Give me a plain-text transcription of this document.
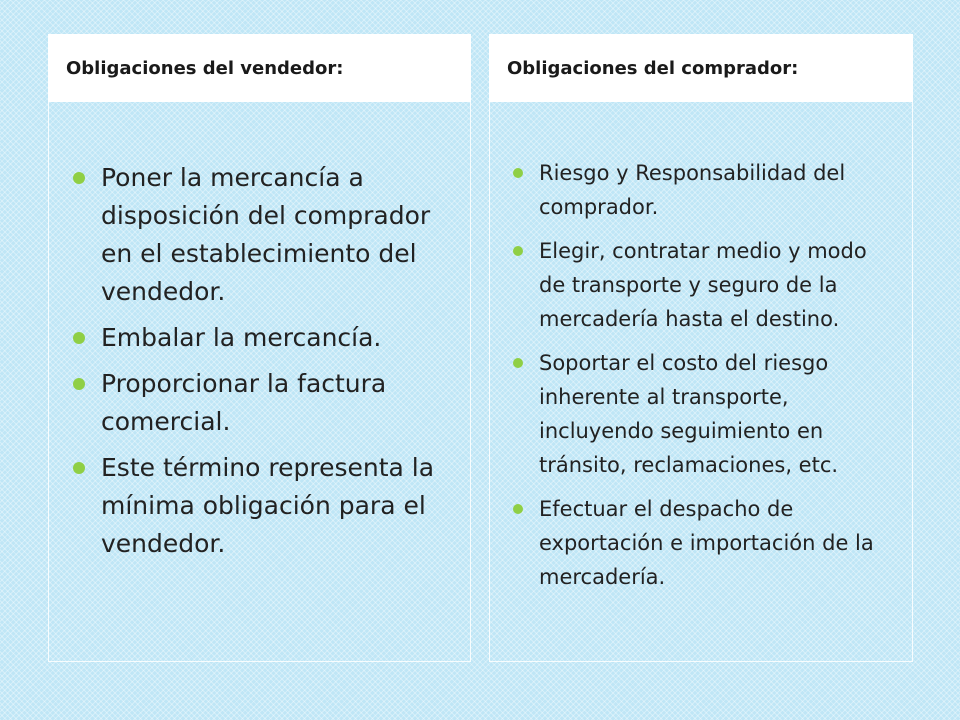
Obligaciones del vendedor:
Poner la mercancía a disposición del comprador en el establecimiento del vendedor.
Embalar la mercancía.
Proporcionar la factura comercial.
Este término representa la mínima obligación para el vendedor.
Obligaciones del comprador:
Riesgo y Responsabilidad del comprador.
Elegir, contratar medio y modo de transporte y seguro de la mercadería hasta el destino.
Soportar el costo del riesgo inherente al transporte, incluyendo seguimiento en tránsito, reclamaciones, etc.
Efectuar el despacho de exportación e importación de la mercadería.
